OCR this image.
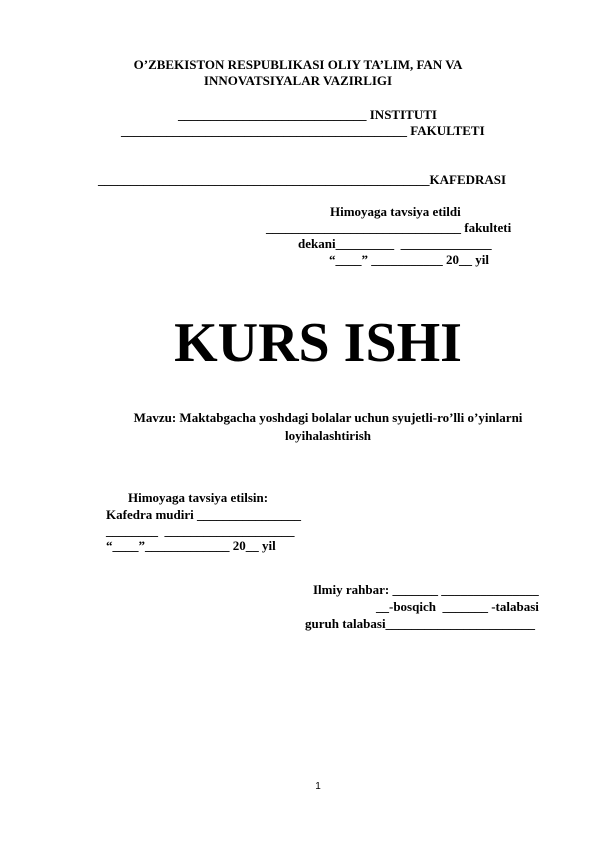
O’ZBEKISTON RESPUBLIKASI OLIY TA’LIM, FAN VA
INNOVATSIYALAR VAZIRLIGI
_____________________________ INSTITUTI
____________________________________________ FAKULTETI
___________________________________________________KAFEDRASI
Himoyaga tavsiya etildi
______________________________ fakulteti
dekani_________  ______________
“____” ___________ 20__ yil
KURS ISHI
Mavzu: Maktabgacha yoshdagi bolalar uchun syujetli-ro’lli o’yinlarni
loyihalashtirish
Himoyaga tavsiya etilsin:
Kafedra mudiri ________________
________  ____________________
“____”_____________ 20__ yil
Ilmiy rahbar: _______ _______________
__-bosqich  _______ -talabasi
guruh talabasi_______________________
1
